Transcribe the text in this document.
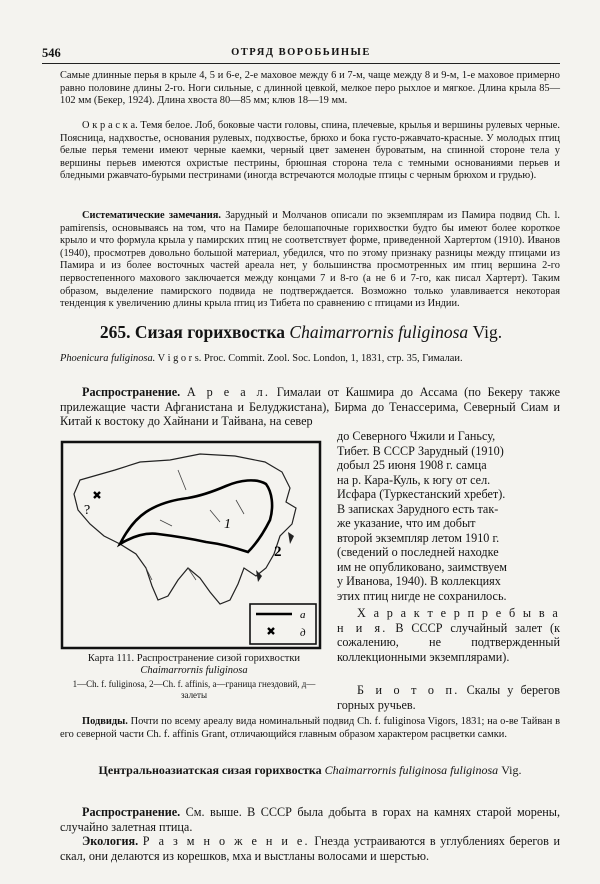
546	ОТРЯД ВОРОБЬИНЫЕ

Самые длинные перья в крыле 4, 5 и 6-е, 2-е маховое между 6 и 7-м, чаще между 8 и 9-м, 1-е маховое примерно равно половине длины 2-го. Ноги сильные, с длинной цевкой, мелкое перо рыхлое и мягкое. Длина крыла 85—102 мм (Бекер, 1924). Длина хвоста 80—85 мм; клюв 18—19 мм.

О к р а с к а. Темя белое. Лоб, боковые части головы, спина, плечевые, крылья и вершины рулевых черные. Поясница, надхвостье, основания рулевых, подхвостье, брюхо и бока густо-ржавчато-красные. У молодых птиц белые перья темени имеют черные каемки, черный цвет заменен буроватым, на спинной стороне тела у вершины перьев имеются охристые пестрины, брюшная сторона тела с темными основаниями перьев и бледными ржавчато-бурыми пестринами (иногда встречаются молодые птицы с черным брюхом и грудью).

Систематические замечания. Зарудный и Молчанов описали по экземплярам из Памира подвид Ch. l. pamirensis, основываясь на том, что на Памире белошапочные горихвостки будто бы имеют более короткое крыло и что формула крыла у памирских птиц не соответствует форме, приведенной Хартертом (1910). Иванов (1940), просмотрев довольно большой материал, убедился, что по этому признаку разницы между птицами из Памира и из более восточных частей ареала нет, у большинства просмотренных им птиц вершина 2-го первостепенного махового заключается между концами 7 и 8-го (а не 6 и 7-го, как писал Хартерт). Таким образом, выделение памирского подвида не подтверждается. Возможно только улавливается некоторая тенденция к увеличению длины крыла птиц из Тибета по сравнению с птицами из Индии.

265. Сизая горихвостка Chaimarrornis fuliginosa Vig.

Phoenicura fuliginosa. V i g o r s. Proc. Commit. Zool. Soc. London, 1, 1831, стр. 35, Гималаи.

Распространение. А р е а л. Гималаи от Кашмира до Ассама (по Бекеру также прилежащие части Афганистана и Белуджистана), Бирма до Тенассерима, Северный Сиам и Китай к востоку до Хайнани и Тайвана, на север

?
1
2
а
д

Карта 111. Распространение сизой горихвостки
Chaimarrornis fuliginosa

1—Ch. f. fuliginosa, 2—Ch. f. affinis, а—граница гнездовий, д—залеты

до Северного Чжили и Ганьсу,
Тибет. В СССР Зарудный (1910)
добыл 25 июня 1908 г. самца
на р. Кара-Куль, к югу от сел.
Исфара (Туркестанский хребет).
В записках Зарудного есть так-
же указание, что им добыт
второй экземпляр летом 1910 г.
(сведений о последней находке
им не опубликовано, заимствуем
у Иванова, 1940). В коллекциях
этих птиц нигде не сохранилось.

Х а р а к т е р п р е б ы в а н и я. В СССР случайный залет (к сожалению, не подтвержденный коллекционными экземплярами).

Б и о т о п. Скалы у берегов горных ручьев.

Подвиды. Почти по всему ареалу вида номинальный подвид Ch. f. fuliginosa Vigors, 1831; на о-ве Тайван в его северной части Ch. f. affinis Grant, отличающийся главным образом характером расцветки самки.

Центральноазиатская сизая горихвостка Chaimarrornis fuliginosa fuliginosa Vig.

Распространение. См. выше. В СССР была добыта в горах на камнях старой морены, случайно залетная птица.

Экология. Р а з м н о ж е н и е. Гнезда устраиваются в углублениях берегов и скал, они делаются из корешков, мха и выстланы волосами и шерстью.
